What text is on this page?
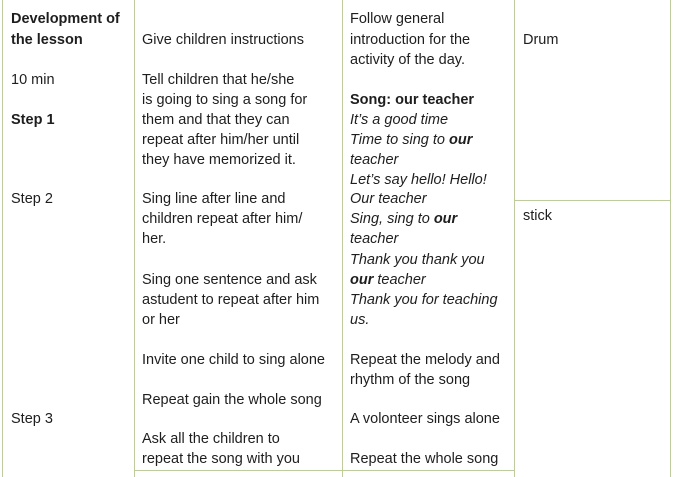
Development of
the lesson
10 min
Step 1
Step 2
Step 3
Give children instructions
Tell children that he/she
is going to sing a song for
them and that they can
repeat after him/her until
they have memorized it.
Sing line after line and
children repeat after him/
her.
Sing one sentence and ask
astudent to repeat after him
or her
Invite one child to sing alone
Repeat gain the whole song
Ask all the children to
repeat the song with you
Follow general
introduction for the
activity of the day.
Song: our teacher
It’s a good time
Time to sing to our
teacher
Let’s say hello! Hello!
Our teacher
Sing, sing to our
teacher
Thank you thank you
our teacher
Thank you for teaching
us.
Repeat the melody and
rhythm of the song
A volonteer sings alone
Repeat the whole song
Drum
stick
